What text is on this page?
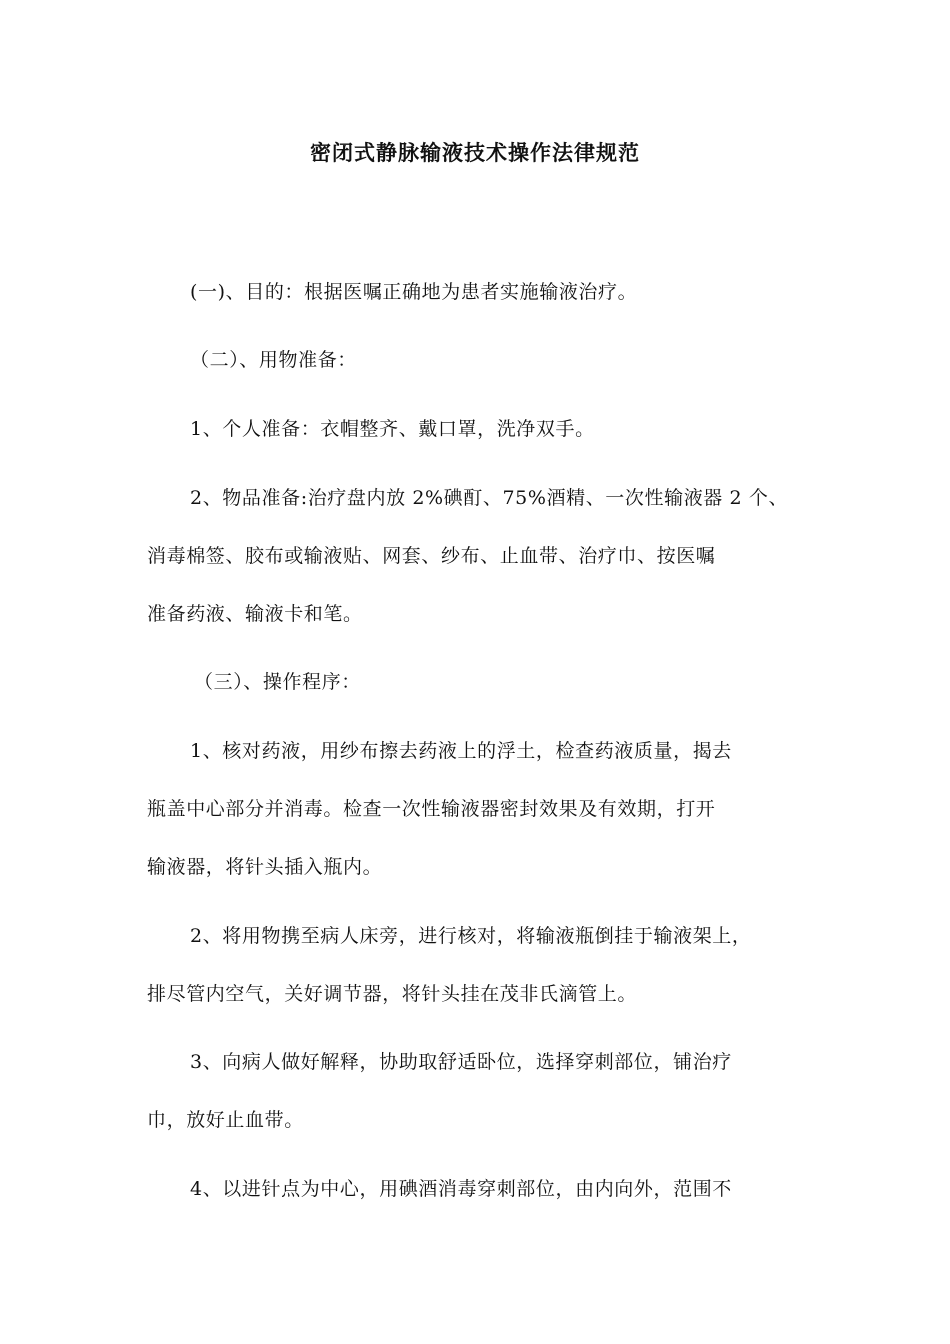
密闭式静脉输液技术操作法律规范
(一)、目的：根据医嘱正确地为患者实施输液治疗。
（二）、用物准备：
1、个人准备：衣帽整齐、戴口罩，洗净双手。
2、物品准备:治疗盘内放 2%碘酊、75%酒精、一次性输液器 2 个、
消毒棉签、胶布或输液贴、网套、纱布、止血带、治疗巾、按医嘱
准备药液、输液卡和笔。
（三）、操作程序：
1、核对药液，用纱布擦去药液上的浮土，检查药液质量，揭去
瓶盖中心部分并消毒。检查一次性输液器密封效果及有效期，打开
输液器，将针头插入瓶内。
2、将用物携至病人床旁，进行核对，将输液瓶倒挂于输液架上，
排尽管内空气，关好调节器，将针头挂在茂非氏滴管上。
3、向病人做好解释，协助取舒适卧位，选择穿刺部位，铺治疗
巾，放好止血带。
4、以进针点为中心，用碘酒消毒穿刺部位，由内向外，范围不
